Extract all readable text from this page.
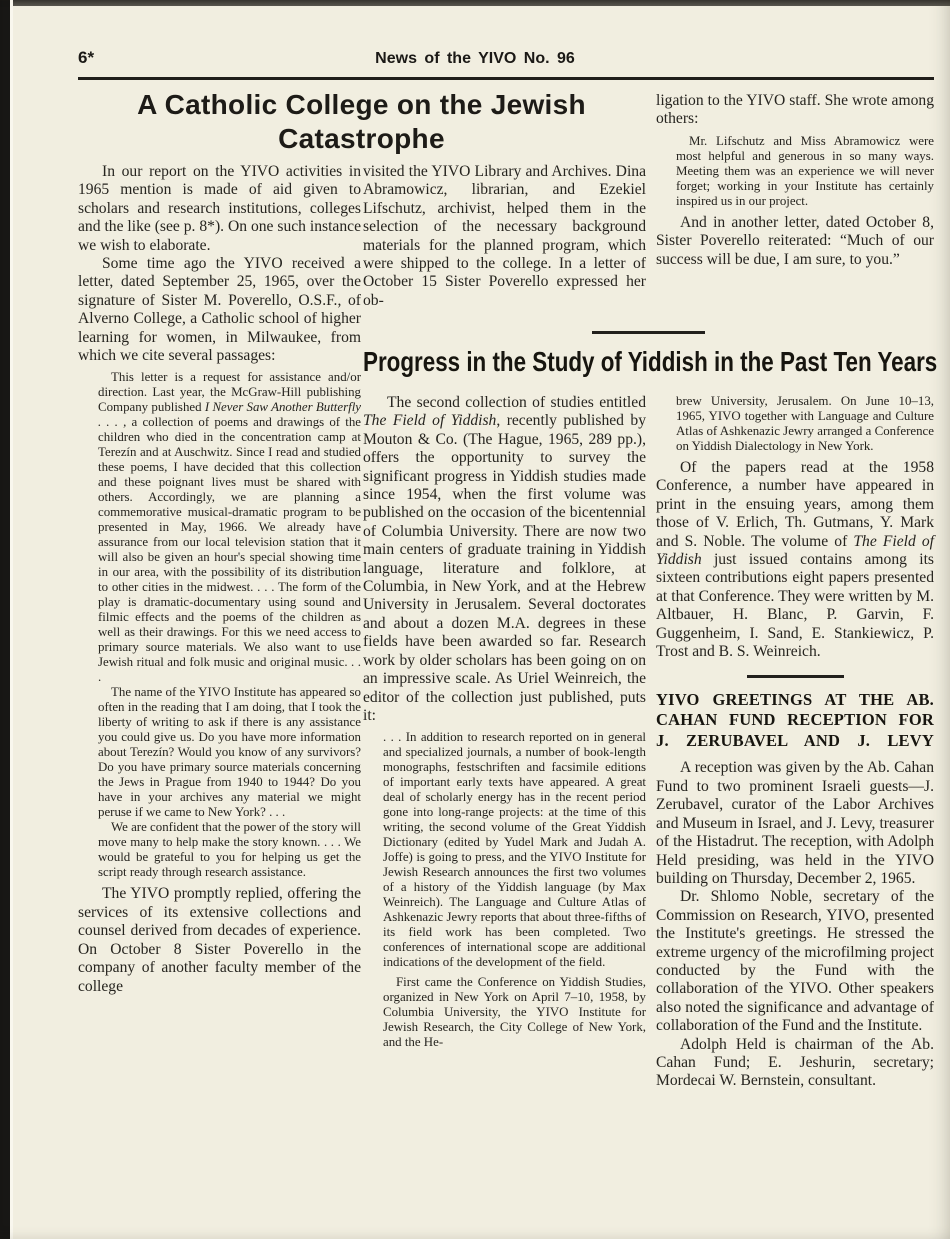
6*	News of the YIVO No. 96
A Catholic College on the Jewish
Catastrophe

In our report on the YIVO activities in 1965 mention is made of aid given to scholars and research institutions, colleges and the like (see p. 8*). On one such instance we wish to elaborate.

Some time ago the YIVO received a letter, dated September 25, 1965, over the signature of Sister M. Poverello, O.S.F., of Alverno College, a Catholic school of higher learning for women, in Milwaukee, from which we cite several passages:

This letter is a request for assistance and/or direction. Last year, the McGraw-Hill publishing Company published I Never Saw Another Butterfly . . . , a collection of poems and drawings of the children who died in the concentration camp at Terezín and at Auschwitz. Since I read and studied these poems, I have decided that this collection and these poignant lives must be shared with others. Accordingly, we are planning a commemorative musical-dramatic program to be presented in May, 1966. We already have assurance from our local television station that it will also be given an hour's special showing time in our area, with the possibility of its distribution to other cities in the midwest. . . . The form of the play is dramatic-documentary using sound and filmic effects and the poems of the children as well as their drawings. For this we need access to primary source materials. We also want to use Jewish ritual and folk music and original music. . . .

The name of the YIVO Institute has appeared so often in the reading that I am doing, that I took the liberty of writing to ask if there is any assistance you could give us. Do you have more information about Terezín? Would you know of any survivors? Do you have primary source materials concerning the Jews in Prague from 1940 to 1944? Do you have in your archives any material we might peruse if we came to New York? . . .

We are confident that the power of the story will move many to help make the story known. . . . We would be grateful to you for helping us get the script ready through research assistance.

The YIVO promptly replied, offering the services of its extensive collections and counsel derived from decades of experience. On October 8 Sister Poverello in the company of another faculty member of the college

visited the YIVO Library and Archives. Dina Abramowicz, librarian, and Ezekiel Lifschutz, archivist, helped them in the selection of the necessary background materials for the planned program, which were shipped to the college. In a letter of October 15 Sister Poverello expressed her ob-

ligation to the YIVO staff. She wrote among others:

Mr. Lifschutz and Miss Abramowicz were most helpful and generous in so many ways. Meeting them was an experience we will never forget; working in your Institute has certainly inspired us in our project.

And in another letter, dated October 8, Sister Poverello reiterated: “Much of our success will be due, I am sure, to you.”

Progress in the Study of Yiddish in the Past Ten Years

The second collection of studies entitled The Field of Yiddish, recently published by Mouton & Co. (The Hague, 1965, 289 pp.), offers the opportunity to survey the significant progress in Yiddish studies made since 1954, when the first volume was published on the occasion of the bicentennial of Columbia University. There are now two main centers of graduate training in Yiddish language, literature and folklore, at Columbia, in New York, and at the Hebrew University in Jerusalem. Several doctorates and about a dozen M.A. degrees in these fields have been awarded so far. Research work by older scholars has been going on on an impressive scale. As Uriel Weinreich, the editor of the collection just published, puts it:

. . . In addition to research reported on in general and specialized journals, a number of book-length monographs, festschriften and facsimile editions of important early texts have appeared. A great deal of scholarly energy has in the recent period gone into long-range projects: at the time of this writing, the second volume of the Great Yiddish Dictionary (edited by Yudel Mark and Judah A. Joffe) is going to press, and the YIVO Institute for Jewish Research announces the first two volumes of a history of the Yiddish language (by Max Weinreich). The Language and Culture Atlas of Ashkenazic Jewry reports that about three-fifths of its field work has been completed. Two conferences of international scope are additional indications of the development of the field.

First came the Conference on Yiddish Studies, organized in New York on April 7–10, 1958, by Columbia University, the YIVO Institute for Jewish Research, the City College of New York, and the He-

brew University, Jerusalem. On June 10–13, 1965, YIVO together with Language and Culture Atlas of Ashkenazic Jewry arranged a Conference on Yiddish Dialectology in New York.

Of the papers read at the 1958 Conference, a number have appeared in print in the ensuing years, among them those of V. Erlich, Th. Gutmans, Y. Mark and S. Noble. The volume of The Field of Yiddish just issued contains among its sixteen contributions eight papers presented at that Conference. They were written by M. Altbauer, H. Blanc, P. Garvin, F. Guggenheim, I. Sand, E. Stankiewicz, P. Trost and B. S. Weinreich.

YIVO GREETINGS AT THE AB.

CAHAN FUND RECEPTION FOR

J. ZERUBAVEL AND J. LEVY

A reception was given by the Ab. Cahan Fund to two prominent Israeli guests—J. Zerubavel, curator of the Labor Archives and Museum in Israel, and J. Levy, treasurer of the Histadrut. The reception, with Adolph Held presiding, was held in the YIVO building on Thursday, December 2, 1965.

Dr. Shlomo Noble, secretary of the Commission on Research, YIVO, presented the Institute's greetings. He stressed the extreme urgency of the microfilming project conducted by the Fund with the collaboration of the YIVO. Other speakers also noted the significance and advantage of collaboration of the Fund and the Institute.

Adolph Held is chairman of the Ab. Cahan Fund; E. Jeshurin, secretary; Mordecai W. Bernstein, consultant.
